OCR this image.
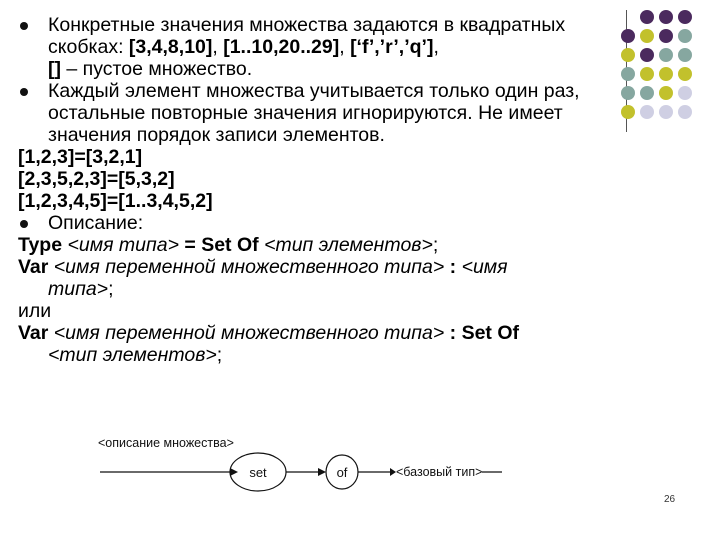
Конкретные значения множества задаются в квадратных скобках: [3,4,8,10], [1..10,20..29], [‘f’,’r’,’q’],
[] – пустое множество.

Каждый элемент множества учитывается только один раз, остальные повторные значения игнорируются. Не имеет значения порядок записи элементов.

[1,2,3]=[3,2,1]

[2,3,5,2,3]=[5,3,2]

[1,2,3,4,5]=[1..3,4,5,2]

Описание:

Type <имя типа> = Set Of <тип элементов>;

Var <имя переменной множественного типа> : <имя
типа>;

или

Var <имя переменной множественного типа> : Set Of
<тип элементов>;

<описание множества>
set	of	<базовый тип>
26
